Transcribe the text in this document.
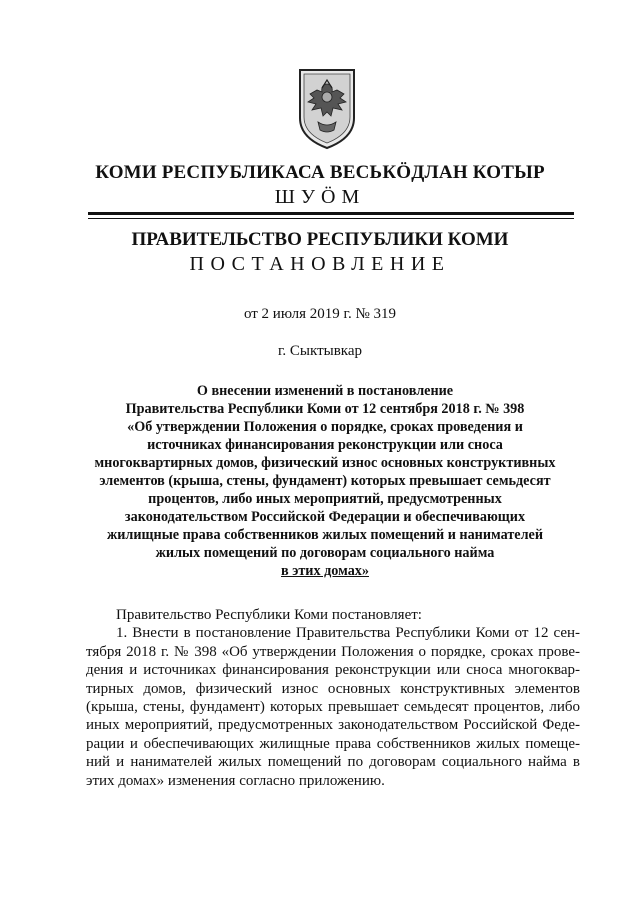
КОМИ РЕСПУБЛИКАСА ВЕСЬКӦДЛАН КОТЫР
ШУӦМ
ПРАВИТЕЛЬСТВО РЕСПУБЛИКИ КОМИ
ПОСТАНОВЛЕНИЕ
от 2 июля 2019 г. № 319
г. Сыктывкар
О внесении изменений в постановление
Правительства Республики Коми от 12 сентября 2018 г. № 398
«Об утверждении Положения о порядке, сроках проведения и
источниках финансирования реконструкции или сноса
многоквартирных домов, физический износ основных конструктивных
элементов (крыша, стены, фундамент) которых превышает семьдесят
процентов, либо иных мероприятий, предусмотренных
законодательством Российской Федерации и обеспечивающих
жилищные права собственников жилых помещений и нанимателей
жилых помещений по договорам социального найма
в этих домах»
Правительство Республики Коми постановляет:
1. Внести в постановление Правительства Республики Коми от 12 сен-
тября 2018 г. № 398 «Об утверждении Положения о порядке, сроках прове-
дения и источниках финансирования реконструкции или сноса многоквар-
тирных домов, физический износ основных конструктивных элементов
(крыша, стены, фундамент) которых превышает семьдесят процентов, либо
иных мероприятий, предусмотренных законодательством Российской Феде-
рации и обеспечивающих жилищные права собственников жилых помеще-
ний и нанимателей жилых помещений по договорам социального найма в
этих домах» изменения согласно приложению.
